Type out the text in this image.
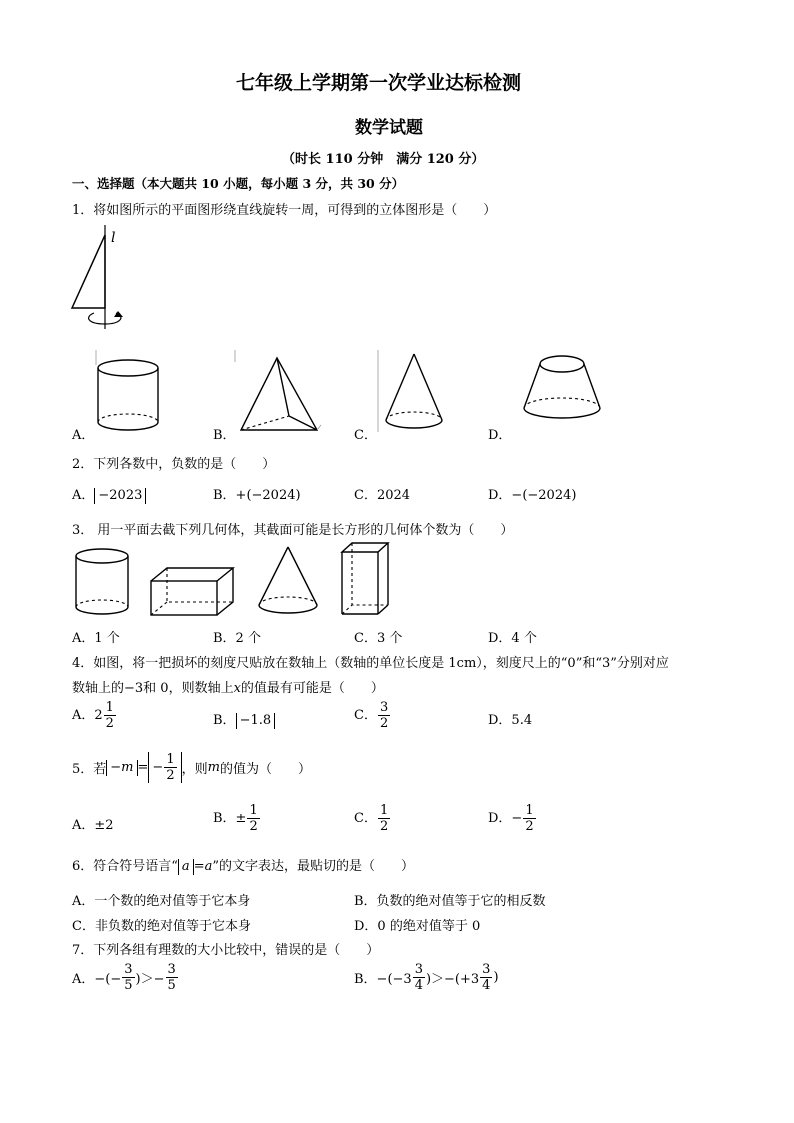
七年级上学期第一次学业达标检测
数学试题
（时长 110 分钟　满分 120 分）
一、选择题（本大题共 10 小题，每小题 3 分，共 30 分）
1．将如图所示的平面图形绕直线旋转一周，可得到的立体图形是（　　）
l
A．	B．	C．	D．
2．下列各数中，负数的是（　　）
A． −2023	B．+(−2024)	C．2024	D．−(−2024)
3． 用一平面去截下列几何体，其截面可能是长方形的几何体个数为（　　）
A．1 个	B．2 个	C．3 个	D．4 个
4．如图，将一把损坏的刻度尺贴放在数轴上（数轴的单位长度是 1cm），刻度尺上的“0”和“3”分别对应
数轴上的−3和 0，则数轴上x的值最有可能是（　　）
A．$2 \frac{1}{2}$	B． −1.8	C． $\frac{3}{2}$	D．5.4
5．若 −m = − $\frac{1}{2}$ ，则 m 的值为（　　）
A．±2	B．± $\frac{1}{2}$	C． $\frac{1}{2}$	D．− $\frac{1}{2}$
6．符合符号语言“ a =a”的文字表达，最贴切的是（　　）
A．一个数的绝对值等于它本身	B．负数的绝对值等于它的相反数
C．非负数的绝对值等于它本身	D．0 的绝对值等于 0
7．下列各组有理数的大小比较中，错误的是（　　）
A．−(− $\frac{3}{5}$ )＞− $\frac{3}{5}$	B．$-(-3 \frac{3}{4} )>-(+3 \frac{3}{4}$ )
